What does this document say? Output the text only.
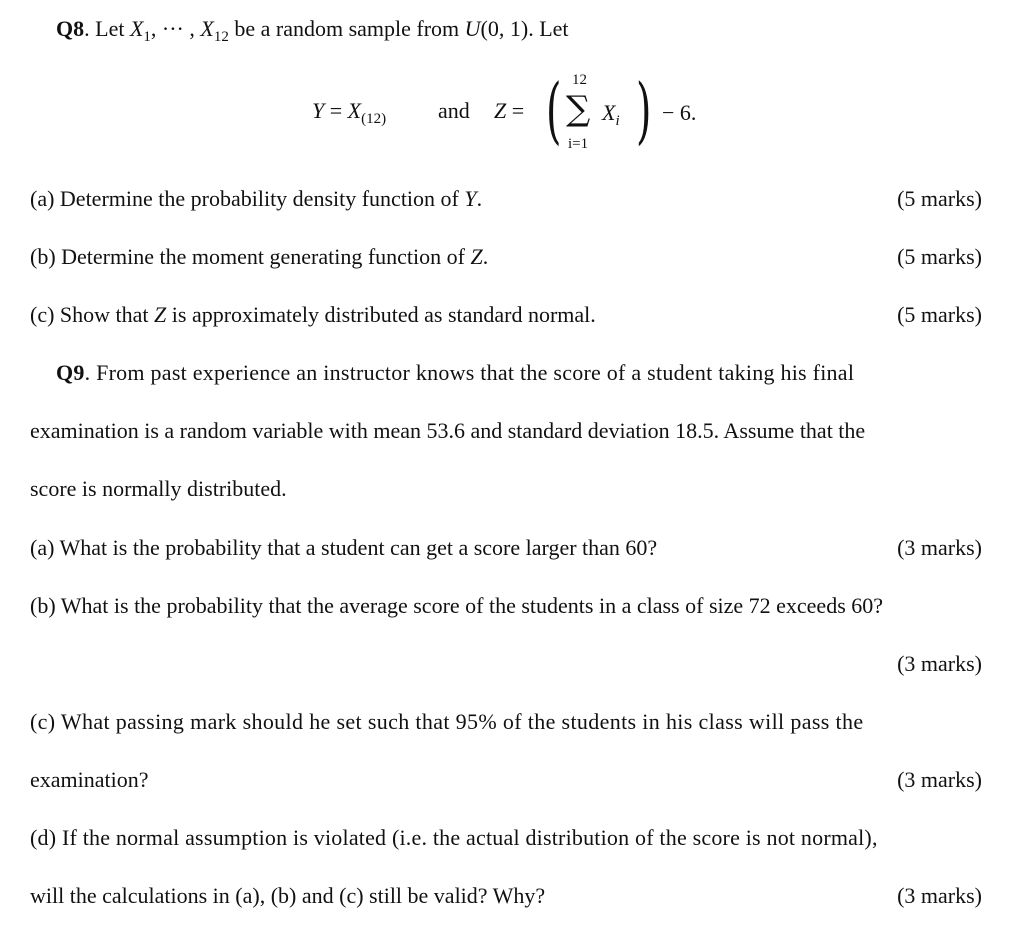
Q8. Let $X_1$, ··· , $X_{12}$ be a random sample from U(0, 1). Let
$Y = X_{(12)}$ and Z = ( 12
∑
i=1
$X_i$ ) − 6.
(a) Determine the probability density function of Y.	(5 marks)
(b) Determine the moment generating function of Z.	(5 marks)
(c) Show that Z is approximately distributed as standard normal.	(5 marks)
Q9. From past experience an instructor knows that the score of a student taking his final
examination is a random variable with mean 53.6 and standard deviation 18.5. Assume that the
score is normally distributed.
(a) What is the probability that a student can get a score larger than 60?	(3 marks)
(b) What is the probability that the average score of the students in a class of size 72 exceeds 60?
(3 marks)
(c) What passing mark should he set such that 95% of the students in his class will pass the
examination?	(3 marks)
(d) If the normal assumption is violated (i.e. the actual distribution of the score is not normal),
will the calculations in (a), (b) and (c) still be valid? Why?	(3 marks)
